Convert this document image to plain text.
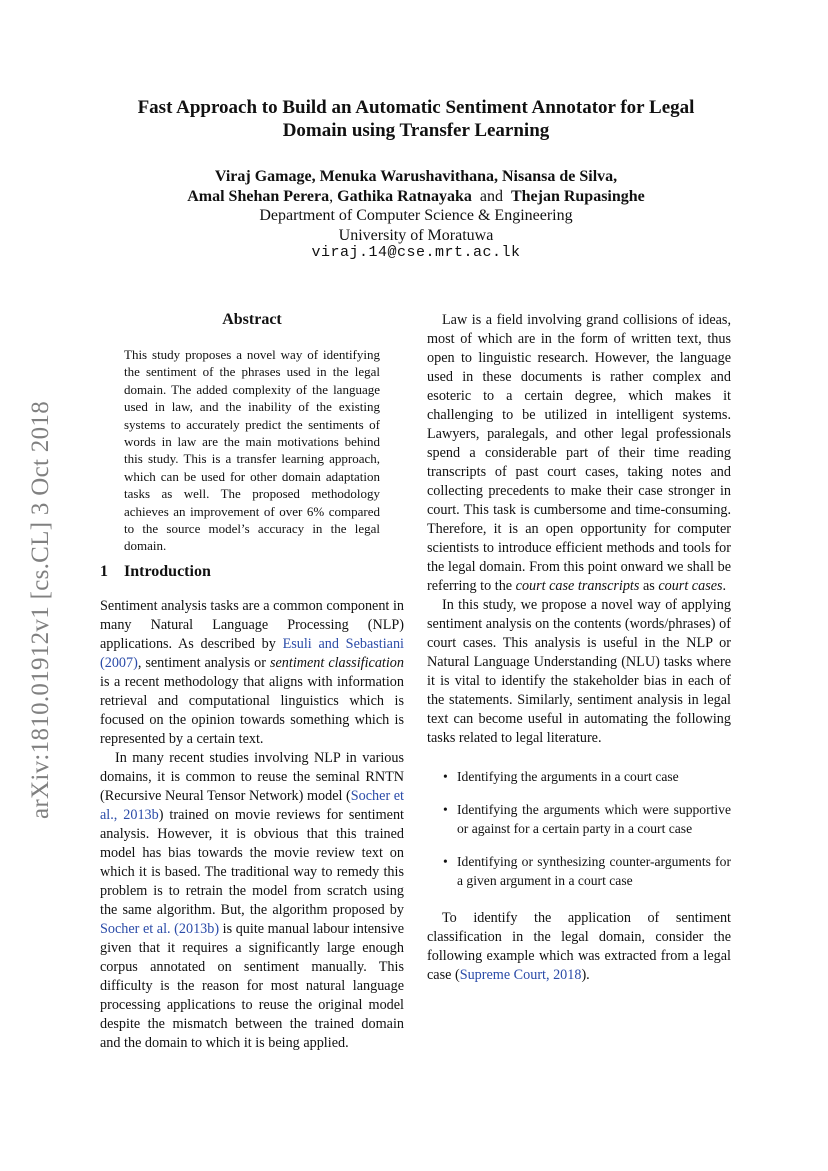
Fast Approach to Build an Automatic Sentiment Annotator for Legal
Domain using Transfer Learning
Viraj Gamage, Menuka Warushavithana, Nisansa de Silva,
Amal Shehan Perera, Gathika Ratnayaka and Thejan Rupasinghe
Department of Computer Science & Engineering
University of Moratuwa
viraj.14@cse.mrt.ac.lk
arXiv:1810.01912v1 [cs.CL] 3 Oct 2018
Abstract
This study proposes a novel way of identifying the sentiment of the phrases used in the legal domain. The added complexity of the language used in law, and the inability of the existing systems to accurately predict the sentiments of words in law are the main motivations behind this study. This is a transfer learning approach, which can be used for other domain adaptation tasks as well. The proposed methodology achieves an improvement of over 6% compared to the source model’s accuracy in the legal domain.
1 Introduction

Sentiment analysis tasks are a common component in many Natural Language Processing (NLP) applications. As described by Esuli and Sebastiani (2007), sentiment analysis or sentiment classification is a recent methodology that aligns with information retrieval and computational linguistics which is focused on the opinion towards something which is represented by a certain text.

In many recent studies involving NLP in various domains, it is common to reuse the seminal RNTN (Recursive Neural Tensor Network) model (Socher et al., 2013b) trained on movie reviews for sentiment analysis. However, it is obvious that this trained model has bias towards the movie review text on which it is based. The traditional way to remedy this problem is to retrain the model from scratch using the same algorithm. But, the algorithm proposed by Socher et al. (2013b) is quite manual labour intensive given that it requires a significantly large enough corpus annotated on sentiment manually. This difficulty is the reason for most natural language processing applications to reuse the original model despite the mismatch between the trained domain and the domain to which it is being applied.

Law is a field involving grand collisions of ideas, most of which are in the form of written text, thus open to linguistic research. However, the language used in these documents is rather complex and esoteric to a certain degree, which makes it challenging to be utilized in intelligent systems. Lawyers, paralegals, and other legal professionals spend a considerable part of their time reading transcripts of past court cases, taking notes and collecting precedents to make their case stronger in court. This task is cumbersome and time-consuming. Therefore, it is an open opportunity for computer scientists to introduce efficient methods and tools for the legal domain. From this point onward we shall be referring to the court case transcripts as court cases.

In this study, we propose a novel way of applying sentiment analysis on the contents (words/phrases) of court cases. This analysis is useful in the NLP or Natural Language Understanding (NLU) tasks where it is vital to identify the stakeholder bias in each of the statements. Similarly, sentiment analysis in legal text can become useful in automating the following tasks related to legal literature.

• Identifying the arguments in a court case
• Identifying the arguments which were supportive or against for a certain party in a court case
• Identifying or synthesizing counter-arguments for a given argument in a court case

To identify the application of sentiment classification in the legal domain, consider the following example which was extracted from a legal case (Supreme Court, 2018).
